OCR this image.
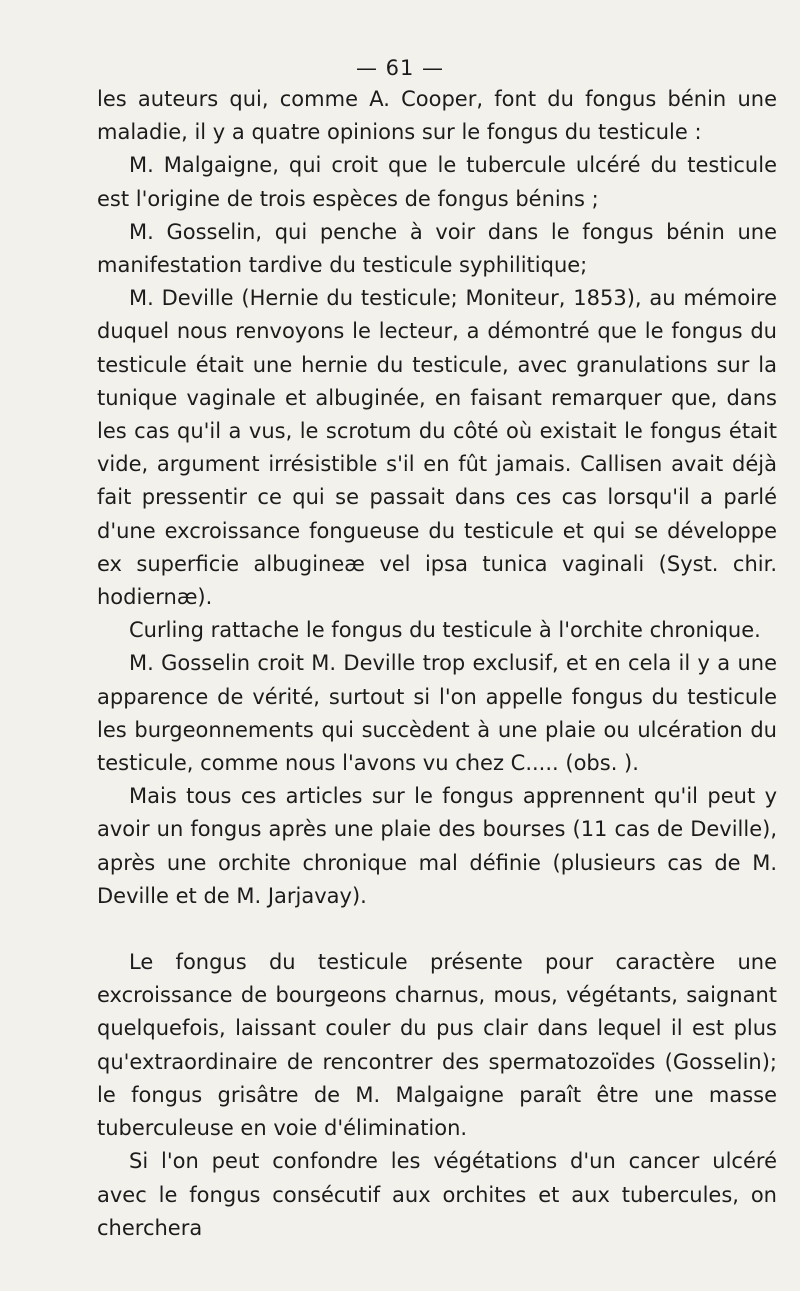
— 61 —

les auteurs qui, comme A. Cooper, font du fongus bénin une maladie, il y a quatre opinions sur le fongus du testicule :

M. Malgaigne, qui croit que le tubercule ulcéré du testicule est l'origine de trois espèces de fongus bénins ;

M. Gosselin, qui penche à voir dans le fongus bénin une manifestation tardive du testicule syphilitique;

M. Deville (Hernie du testicule; Moniteur, 1853), au mémoire duquel nous renvoyons le lecteur, a démontré que le fongus du testicule était une hernie du testicule, avec granulations sur la tunique vaginale et albuginée, en faisant remarquer que, dans les cas qu'il a vus, le scrotum du côté où existait le fongus était vide, argument irrésistible s'il en fût jamais. Callisen avait déjà fait pressentir ce qui se passait dans ces cas lorsqu'il a parlé d'une excroissance fongueuse du testicule et qui se développe ex superficie albugineæ vel ipsa tunica vaginali (Syst. chir. hodiernæ).

Curling rattache le fongus du testicule à l'orchite chronique.

M. Gosselin croit M. Deville trop exclusif, et en cela il y a une apparence de vérité, surtout si l'on appelle fongus du testicule les burgeonnements qui succèdent à une plaie ou ulcération du testicule, comme nous l'avons vu chez C..... (obs. ).

Mais tous ces articles sur le fongus apprennent qu'il peut y avoir un fongus après une plaie des bourses (11 cas de Deville), après une orchite chronique mal définie (plusieurs cas de M. Deville et de M. Jarjavay).

Le fongus du testicule présente pour caractère une excroissance de bourgeons charnus, mous, végétants, saignant quelquefois, laissant couler du pus clair dans lequel il est plus qu'extraordinaire de rencontrer des spermatozoïdes (Gosselin); le fongus grisâtre de M. Malgaigne paraît être une masse tuberculeuse en voie d'élimination.

Si l'on peut confondre les végétations d'un cancer ulcéré avec le fongus consécutif aux orchites et aux tubercules, on cherchera
